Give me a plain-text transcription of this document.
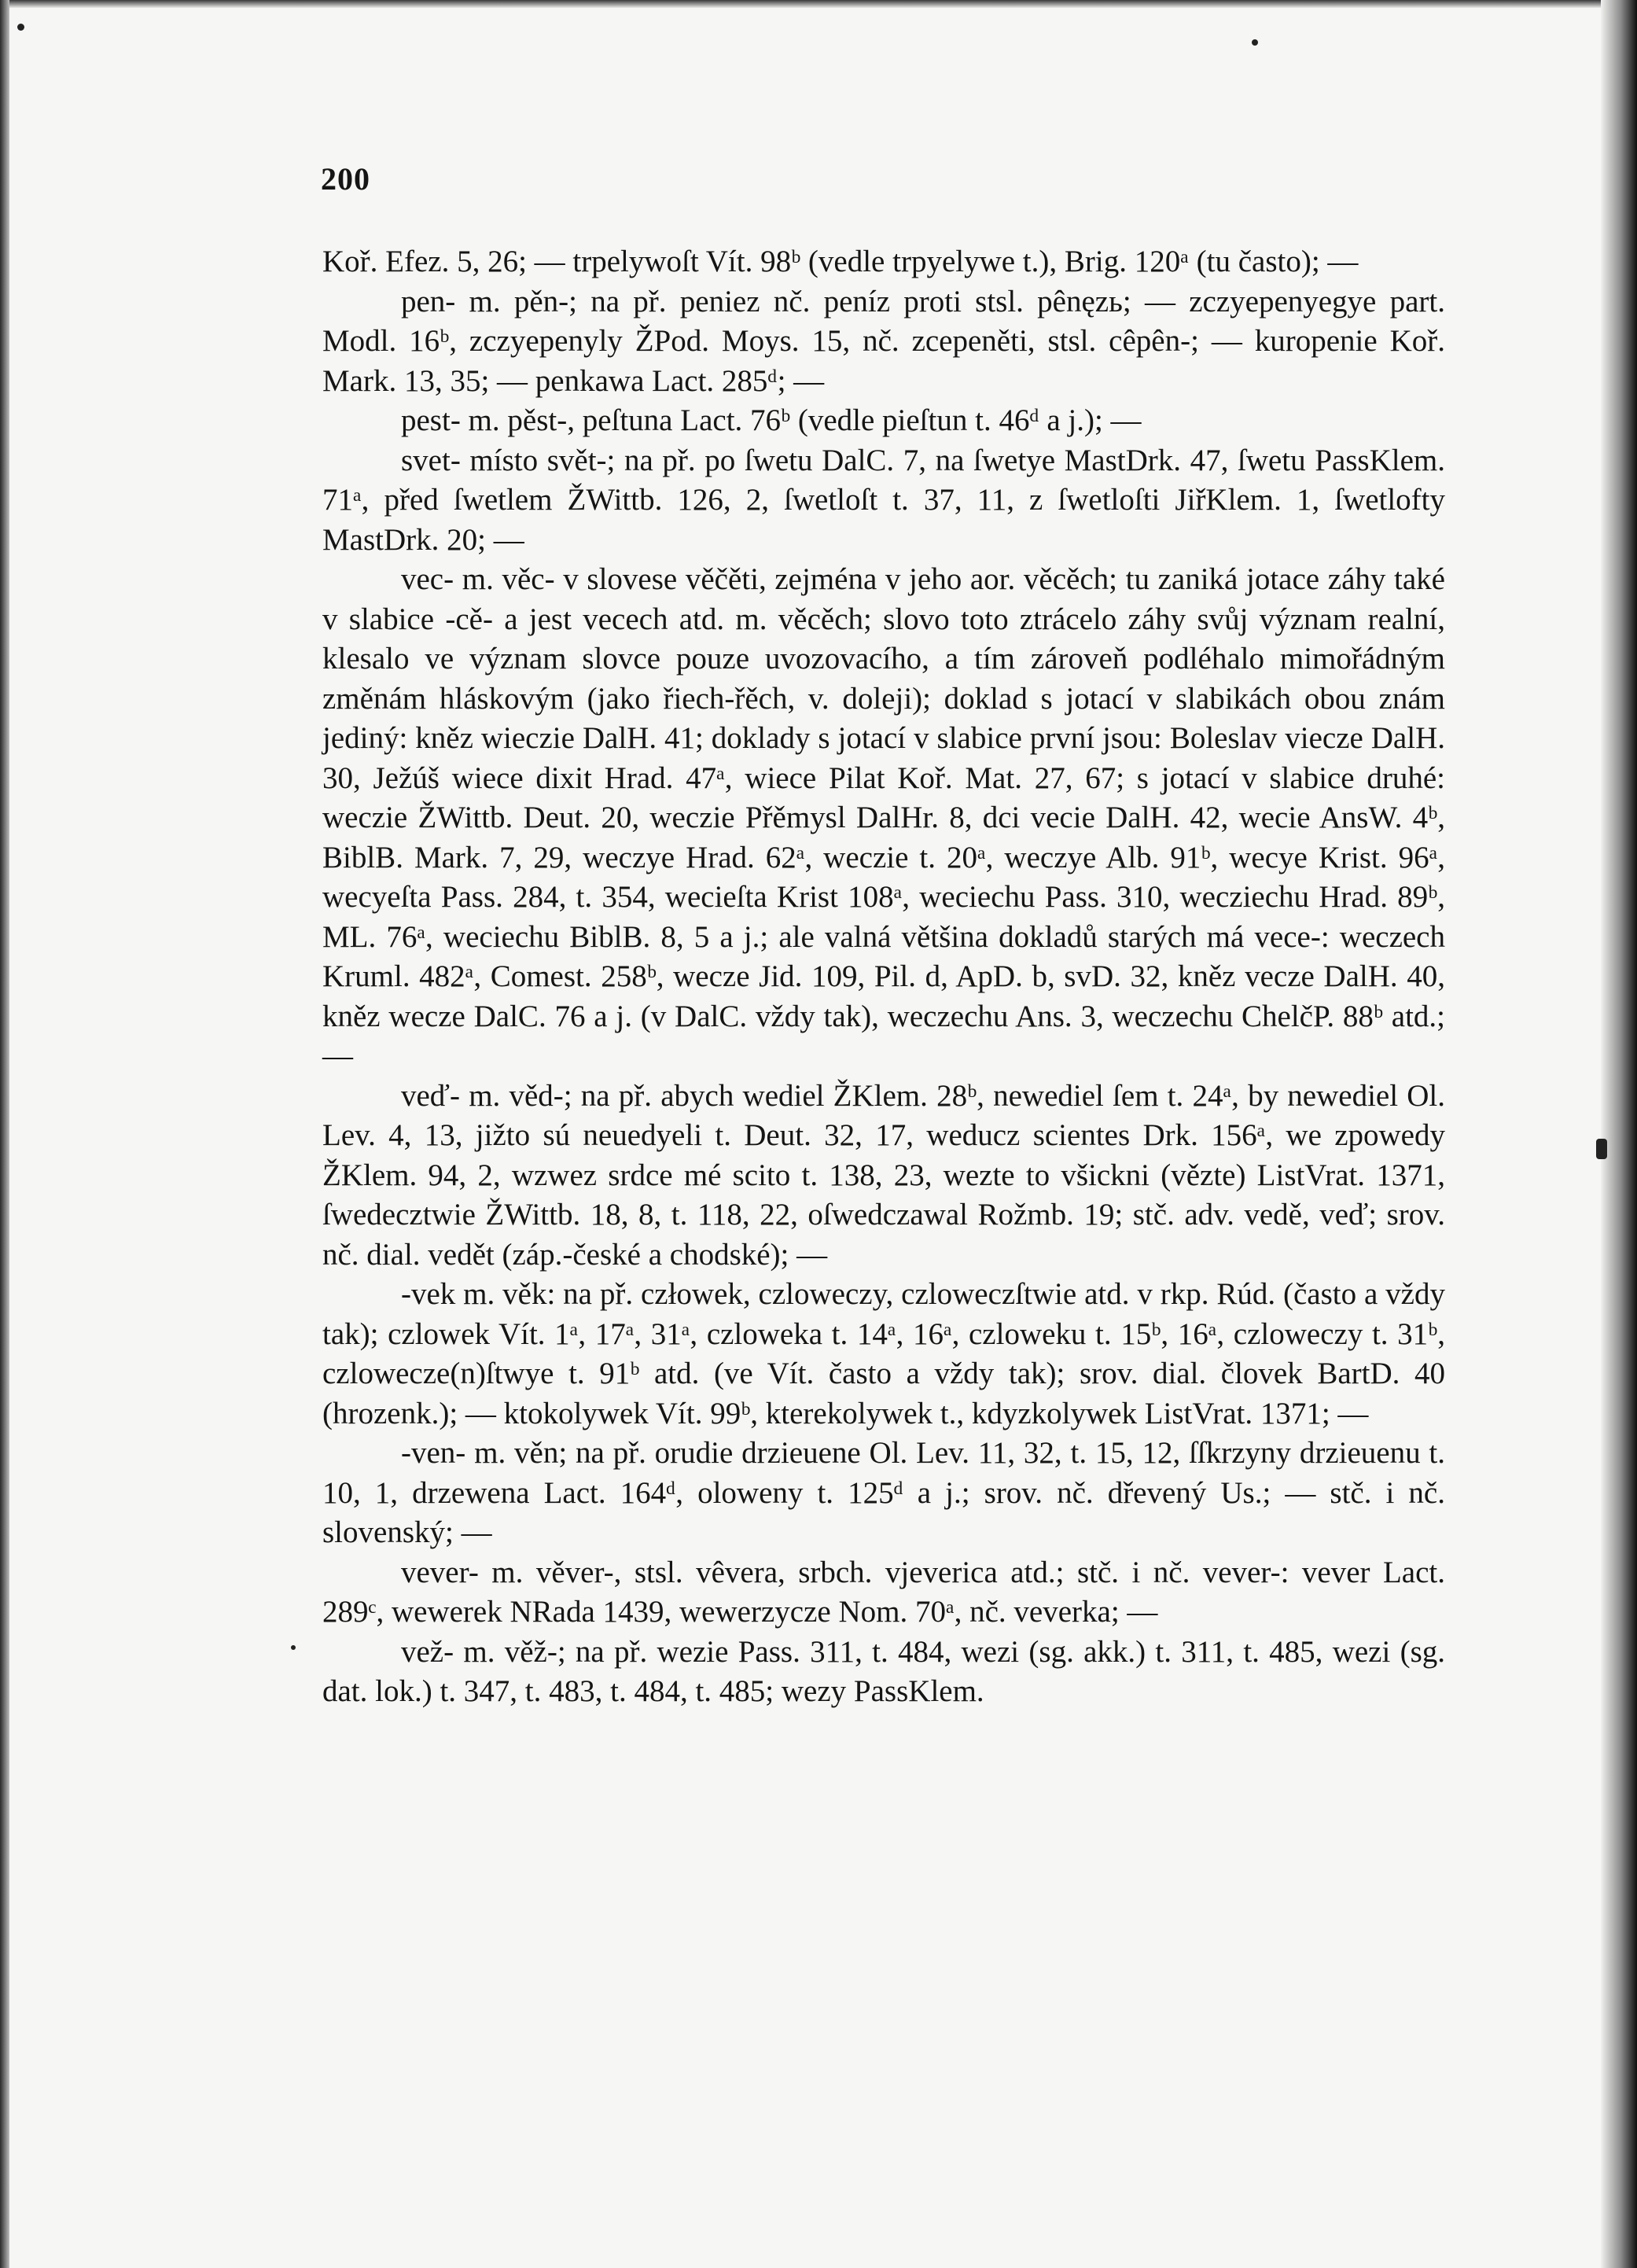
200

Koř. Efez. 5, 26; — trpelywoſt Vít. 98ᵇ (vedle trpyelywe t.), Brig. 120ᵃ (tu často); —

pen- m. pěn-; na př. peniez nč. peníz proti stsl. pênęzь; — zczyepenyegye part. Modl. 16ᵇ, zczyepenyly ŽPod. Moys. 15, nč. zcepeněti, stsl. cêpên-; — kuropenie Koř. Mark. 13, 35; — penkawa Lact. 285ᵈ; —

pest- m. pěst-, peſtuna Lact. 76ᵇ (vedle pieſtun t. 46ᵈ a j.); —

svet- místo svět-; na př. po ſwetu DalC. 7, na ſwetye MastDrk. 47, ſwetu PassKlem. 71ᵃ, před ſwetlem ŽWittb. 126, 2, ſwetloſt t. 37, 11, z ſwetloſti JiřKlem. 1, ſwetlofty MastDrk. 20; —

vec- m. věc- v slovese věčěti, zejména v jeho aor. věcěch; tu zaniká jotace záhy také v slabice -cě- a jest vecech atd. m. věcěch; slovo toto ztrácelo záhy svůj význam realní, klesalo ve význam slovce pouze uvozovacího, a tím zároveň podléhalo mimořádným změnám hláskovým (jako řiech-řěch, v. doleji); doklad s jotací v slabikách obou znám jediný: kněz wieczie DalH. 41; doklady s jotací v slabice první jsou: Boleslav viecze DalH. 30, Ježúš wiece dixit Hrad. 47ᵃ, wiece Pilat Koř. Mat. 27, 67; s jotací v slabice druhé: weczie ŽWittb. Deut. 20, weczie Přěmysl DalHr. 8, dci vecie DalH. 42, wecie AnsW. 4ᵇ, BiblB. Mark. 7, 29, weczye Hrad. 62ᵃ, weczie t. 20ᵃ, weczye Alb. 91ᵇ, wecye Krist. 96ᵃ, wecyeſta Pass. 284, t. 354, wecieſta Krist 108ᵃ, weciechu Pass. 310, wecziechu Hrad. 89ᵇ, ML. 76ᵃ, weciechu BiblB. 8, 5 a j.; ale valná většina dokladů starých má vece-: weczech Kruml. 482ᵃ, Comest. 258ᵇ, wecze Jid. 109, Pil. d, ApD. b, svD. 32, kněz vecze DalH. 40, kněz wecze DalC. 76 a j. (v DalC. vždy tak), weczechu Ans. 3, weczechu ChelčP. 88ᵇ atd.; —

veď- m. věd-; na př. abych wediel ŽKlem. 28ᵇ, newediel ſem t. 24ᵃ, by newediel Ol. Lev. 4, 13, jižto sú neuedyeli t. Deut. 32, 17, weducz scientes Drk. 156ᵃ, we zpowedy ŽKlem. 94, 2, wzwez srdce mé scito t. 138, 23, wezte to všickni (vězte) ListVrat. 1371, ſwedecztwie ŽWittb. 18, 8, t. 118, 22, oſwedczawal Rožmb. 19; stč. adv. vedě, veď; srov. nč. dial. vedět (záp.-české a chodské); —

-vek m. věk: na př. człowek, czloweczy, czloweczſtwie atd. v rkp. Rúd. (často a vždy tak); czlowek Vít. 1ᵃ, 17ᵃ, 31ᵃ, czloweka t. 14ᵃ, 16ᵃ, czloweku t. 15ᵇ, 16ᵃ, czloweczy t. 31ᵇ, czlowecze(n)ſtwye t. 91ᵇ atd. (ve Vít. často a vždy tak); srov. dial. človek BartD. 40 (hrozenk.); — ktokolywek Vít. 99ᵇ, kterekolywek t., kdyzkolywek ListVrat. 1371; —

-ven- m. věn; na př. orudie drzieuene Ol. Lev. 11, 32, t. 15, 12, ſſkrzyny drzieuenu t. 10, 1, drzewena Lact. 164ᵈ, oloweny t. 125ᵈ a j.; srov. nč. dřevený Us.; — stč. i nč. slovenský; —

vever- m. věver-, stsl. vêvera, srbch. vjeverica atd.; stč. i nč. vever-: vever Lact. 289ᶜ, wewerek NRada 1439, wewerzycze Nom. 70ᵃ, nč. veverka; —

vež- m. věž-; na př. wezie Pass. 311, t. 484, wezi (sg. akk.) t. 311, t. 485, wezi (sg. dat. lok.) t. 347, t. 483, t. 484, t. 485; wezy PassKlem.
